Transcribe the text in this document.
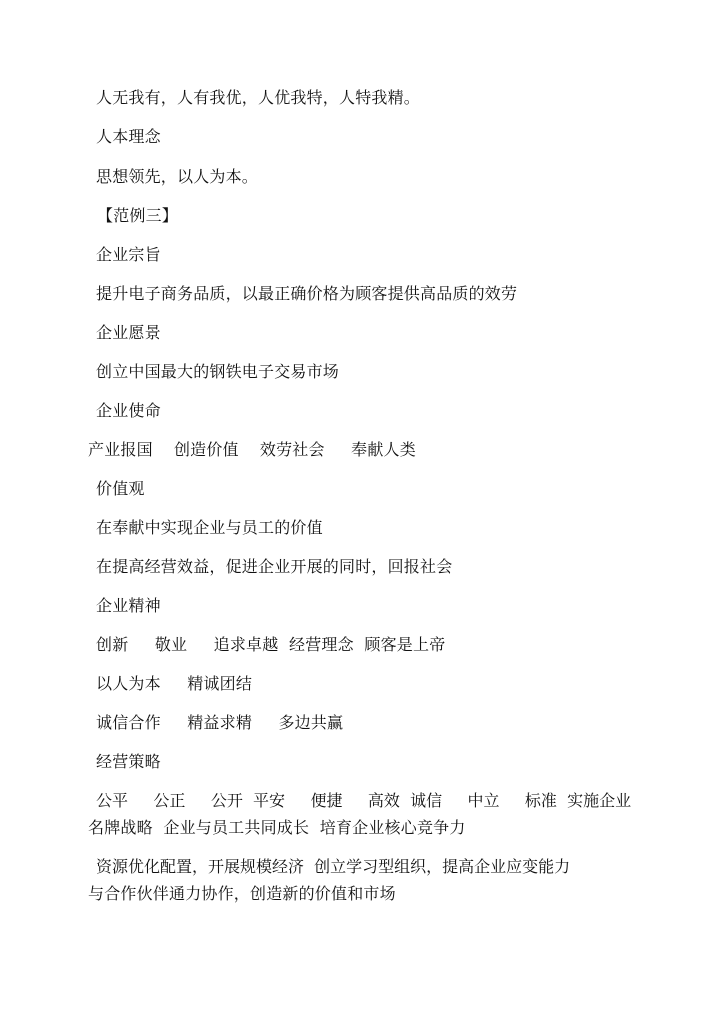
人无我有，人有我优，人优我特，人特我精。
人本理念
思想领先，以人为本。
【范例三】
企业宗旨
提升电子商务品质，以最正确价格为顾客提供高品质的效劳
企业愿景
创立中国最大的钢铁电子交易市场
企业使命
产业报国    创造价值    效劳社会     奉献人类
价值观
在奉献中实现企业与员工的价值
在提高经营效益，促进企业开展的同时，回报社会
企业精神
创新     敬业     追求卓越  经营理念  顾客是上帝
以人为本     精诚团结
诚信合作     精益求精     多边共赢
经营策略
公平     公正     公开  平安     便捷     高效  诚信     中立     标准  实施企业
名牌战略  企业与员工共同成长  培育企业核心竞争力
资源优化配置，开展规模经济  创立学习型组织，提高企业应变能力
与合作伙伴通力协作，创造新的价值和市场
